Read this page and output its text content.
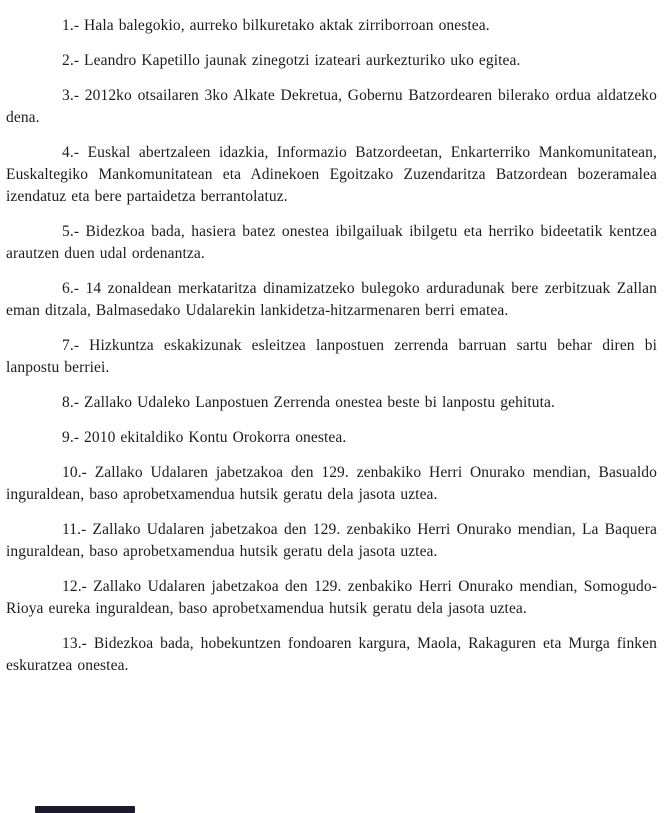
1.- Hala balegokio, aurreko bilkuretako aktak zirriborroan onestea.

2.- Leandro Kapetillo jaunak zinegotzi izateari aurkezturiko uko egitea.

3.- 2012ko otsailaren 3ko Alkate Dekretua, Gobernu Batzordearen bilerako ordua aldatzeko dena.

4.- Euskal abertzaleen idazkia, Informazio Batzordeetan, Enkarterriko Mankomunitatean, Euskaltegiko Mankomunitatean eta Adinekoen Egoitzako Zuzendaritza Batzordean bozeramalea izendatuz eta bere partaidetza berrantolatuz.

5.- Bidezkoa bada, hasiera batez onestea ibilgailuak ibilgetu eta herriko bideetatik kentzea arautzen duen udal ordenantza.

6.- 14 zonaldean merkataritza dinamizatzeko bulegoko arduradunak bere zerbitzuak Zallan eman ditzala, Balmasedako Udalarekin lankidetza-hitzarmenaren berri ematea.

7.- Hizkuntza eskakizunak esleitzea lanpostuen zerrenda barruan sartu behar diren bi lanpostu berriei.

8.- Zallako Udaleko Lanpostuen Zerrenda onestea beste bi lanpostu gehituta.

9.- 2010 ekitaldiko Kontu Orokorra onestea.

10.- Zallako Udalaren jabetzakoa den 129. zenbakiko Herri Onurako mendian, Basualdo inguraldean, baso aprobetxamendua hutsik geratu dela jasota uztea.

11.- Zallako Udalaren jabetzakoa den 129. zenbakiko Herri Onurako mendian, La Baquera inguraldean, baso aprobetxamendua hutsik geratu dela jasota uztea.

12.- Zallako Udalaren jabetzakoa den 129. zenbakiko Herri Onurako mendian, Somogudo-Rioya eureka inguraldean, baso aprobetxamendua hutsik geratu dela jasota uztea.

13.- Bidezkoa bada, hobekuntzen fondoaren kargura, Maola, Rakaguren eta Murga finken eskuratzea onestea.
